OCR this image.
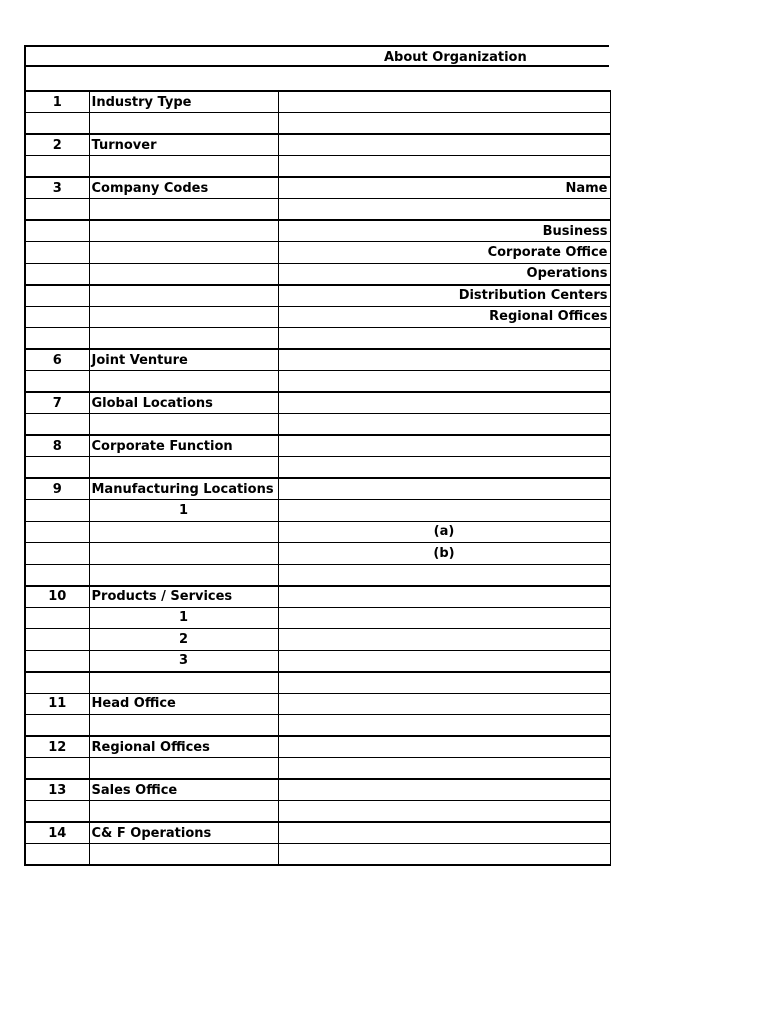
About Organization
1	Industry Type	

2	Turnover	

3	Company Codes	Name

		Business
		Corporate Office
		Operations
		Distribution Centers
		Regional Offices

6	Joint Venture	

7	Global Locations	

8	Corporate Function	

9	Manufacturing Locations	
	1	
		(a)
		(b)

10	Products / Services	
	1	
	2	
	3	

11	Head Office	

12	Regional Offices	

13	Sales Office	

14	C& F Operations	
